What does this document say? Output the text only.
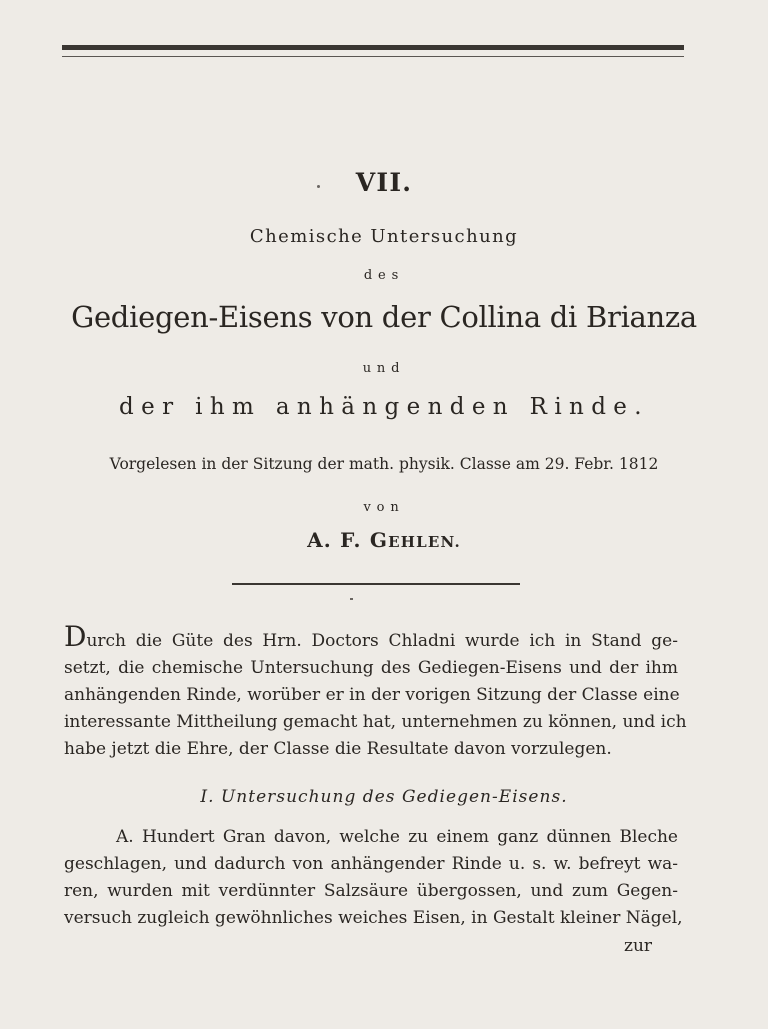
VII.
Chemische Untersuchung
des
Gediegen-Eisens von der Collina di Brianza
und
der ihm anhängenden Rinde.
Vorgelesen in der Sitzung der math. physik. Classe am 29. Febr. 1812
von
A. F. GEHLEN.
Durch die Güte des Hrn. Doctors Chladni wurde ich in Stand ge-
setzt, die chemische Untersuchung des Gediegen-Eisens und der ihm
anhängenden Rinde, worüber er in der vorigen Sitzung der Classe eine
interessante Mittheilung gemacht hat, unternehmen zu können, und ich
habe jetzt die Ehre, der Classe die Resultate davon vorzulegen.
I. Untersuchung des Gediegen-Eisens.
A. Hundert Gran davon, welche zu einem ganz dünnen Bleche
geschlagen, und dadurch von anhängender Rinde u. s. w. befreyt wa-
ren, wurden mit verdünnter Salzsäure übergossen, und zum Gegen-
versuch zugleich gewöhnliches weiches Eisen, in Gestalt kleiner Nägel,
zur
